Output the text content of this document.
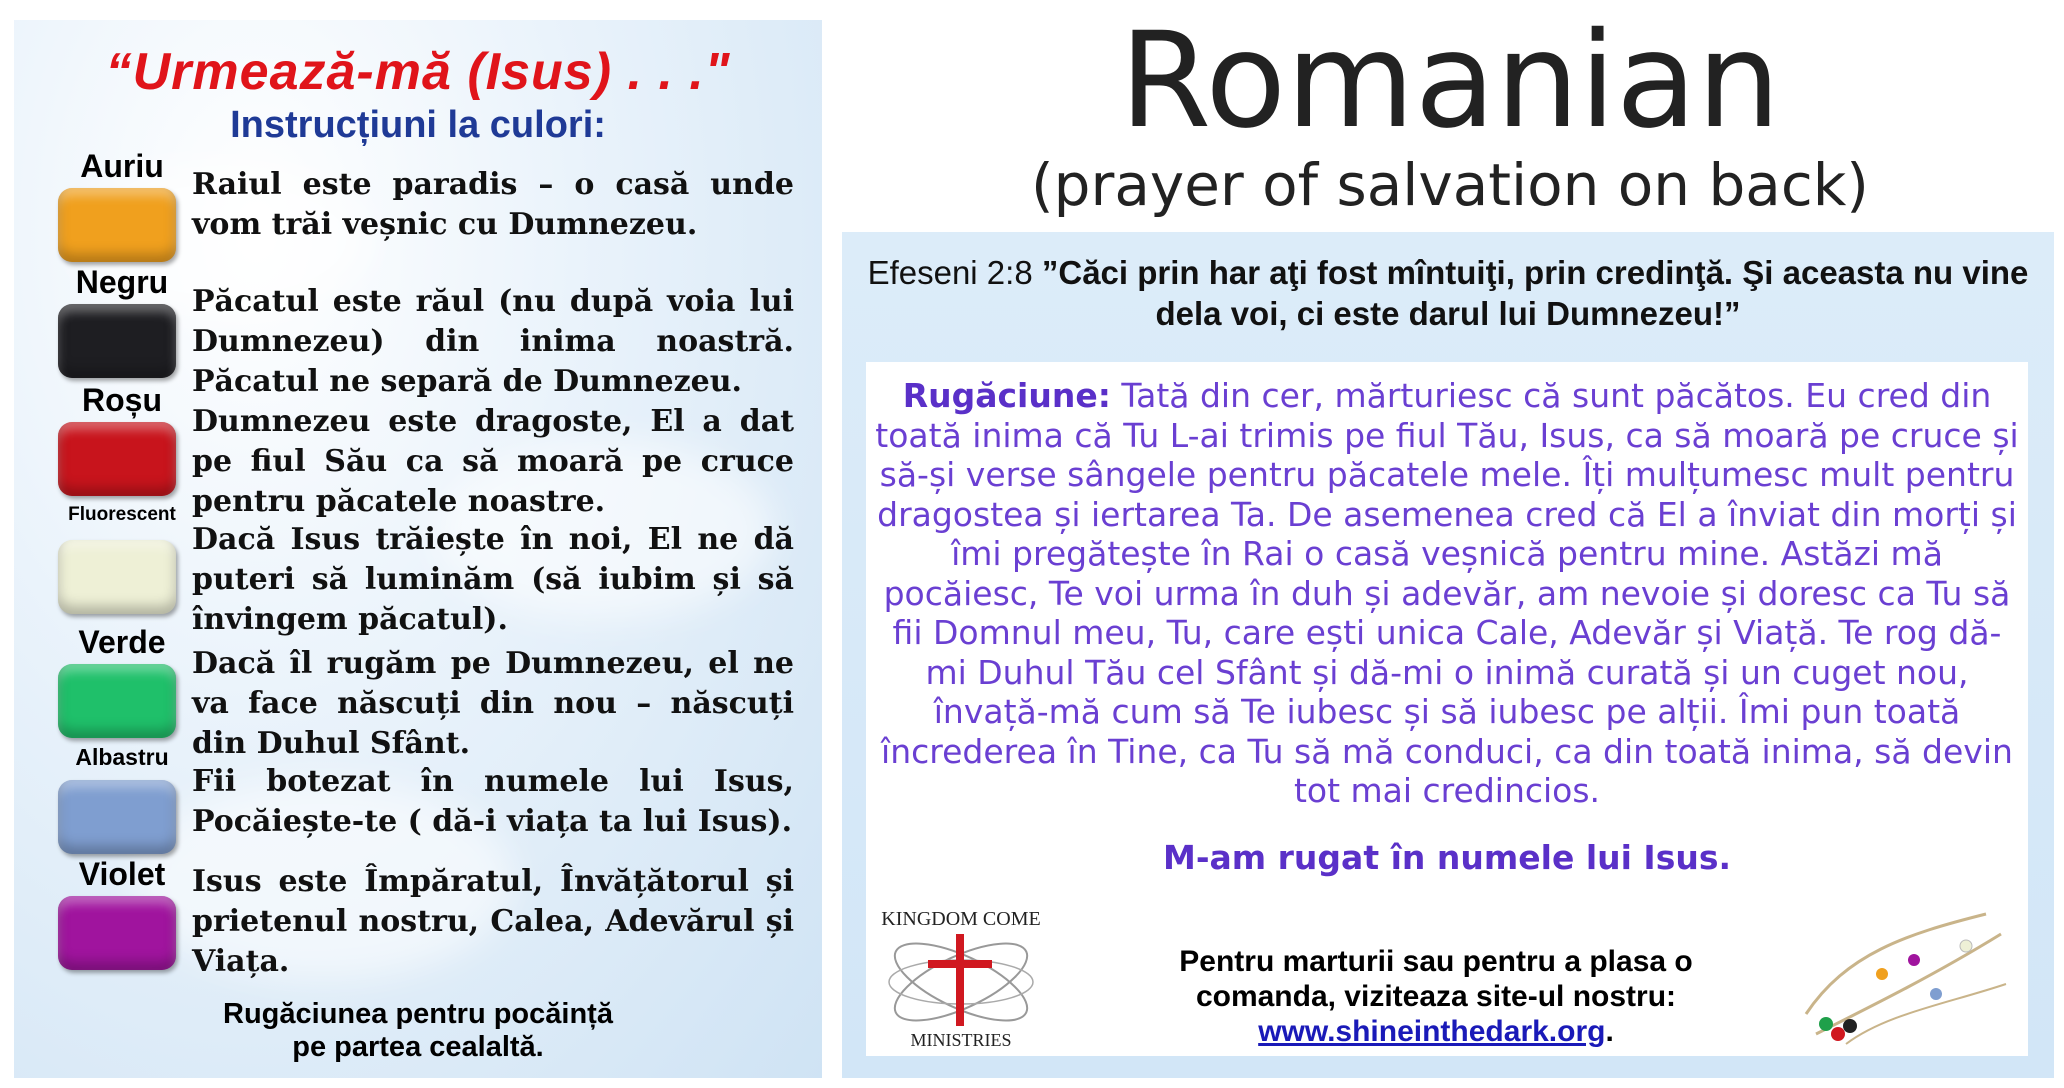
“Urmează-mă (Isus) . . ."
Instrucțiuni la culori:
Auriu
Raiul este paradis – o casă unde vom trăi veșnic cu Dumnezeu.
Negru
Păcatul este răul (nu după voia lui Dumnezeu) din inima noastră. Păcatul ne separă de Dumnezeu.
Roșu
Dumnezeu este dragoste, El a dat pe fiul Său ca să moară pe cruce pentru păcatele noastre.
Fluorescent
Dacă Isus trăiește în noi, El ne dă puteri să luminăm (să iubim și să învingem păcatul).
Verde
Dacă îl rugăm pe Dumnezeu, el ne va face născuți din nou – născuți din Duhul Sfânt.
Albastru
Fii botezat în numele lui Isus, Pocăiește-te ( dă-i viața ta lui Isus).
Violet Isus este Împăratul, Învățătorul și prietenul nostru, Calea, Adevărul și Viața.
Rugăciunea pentru pocăință
pe partea cealaltă.
Romanian
(prayer of salvation on back)
Efeseni 2:8 ”Căci prin har aţi fost mîntuiţi, prin credinţă. Şi aceasta nu vine dela voi, ci este darul lui Dumnezeu!”
Rugăciune: Tată din cer, mărturiesc că sunt păcătos. Eu cred din toată inima că Tu L-ai trimis pe fiul Tău, Isus, ca să moară pe cruce și să-și verse sângele pentru păcatele mele. Îți mulțumesc mult pentru dragostea și iertarea Ta. De asemenea cred că El a înviat din morți și îmi pregătește în Rai o casă veșnică pentru mine. Astăzi mă pocăiesc, Te voi urma în duh și adevăr, am nevoie și doresc ca Tu să fii Domnul meu, Tu, care ești unica Cale, Adevăr și Viață. Te rog dă-mi Duhul Tău cel Sfânt și dă-mi o inimă curată și un cuget nou, învață-mă cum să Te iubesc și să iubesc pe alții. Îmi pun toată încrederea în Tine, ca Tu să mă conduci, ca din toată inima, să devin tot mai credincios.
M-am rugat în numele lui Isus.
KINGDOM COME
MINISTRIES
Pentru marturii sau pentru a plasa o
comanda, viziteaza site-ul nostru:
www.shineinthedark.org.
